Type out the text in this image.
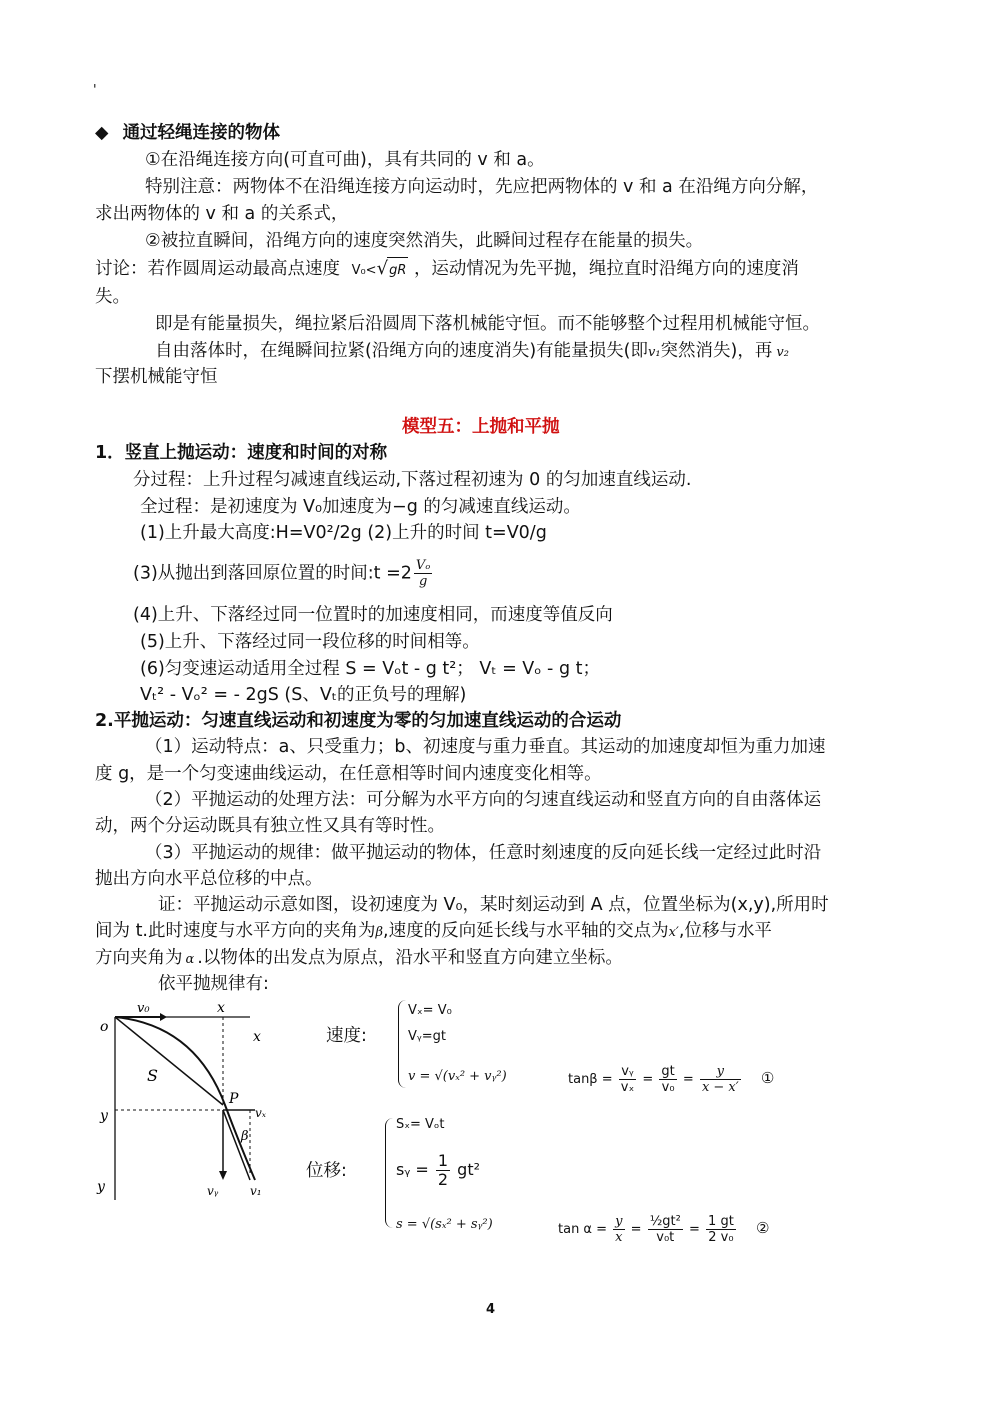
'
◆ 通过轻绳连接的物体
①在沿绳连接方向(可直可曲)，具有共同的 v 和 a。
特别注意：两物体不在沿绳连接方向运动时，先应把两物体的 v 和 a 在沿绳方向分解，
求出两物体的 v 和 a 的关系式，
②被拉直瞬间，沿绳方向的速度突然消失，此瞬间过程存在能量的损失。
讨论：若作圆周运动最高点速度 V₀<√gR ，运动情况为先平抛，绳拉直时沿绳方向的速度消
失。
即是有能量损失，绳拉紧后沿圆周下落机械能守恒。而不能够整个过程用机械能守恒。
自由落体时，在绳瞬间拉紧(沿绳方向的速度消失)有能量损失(即v₁突然消失)，再 v₂
下摆机械能守恒
模型五：上抛和平抛
1．竖直上抛运动：速度和时间的对称
分过程：上升过程匀减速直线运动,下落过程初速为 0 的匀加速直线运动.
全过程：是初速度为 V₀加速度为−g 的匀减速直线运动。
(1)上升最大高度:H=V0²/2g (2)上升的时间 t=V0/g
(3)从抛出到落回原位置的时间:t $=2 \frac{\text{Vₒ}}{g}$
(4)上升、下落经过同一位置时的加速度相同，而速度等值反向
(5)上升、下落经过同一段位移的时间相等。
(6)匀变速运动适用全过程 S = Vₒt - g t²； Vₜ = Vₒ - g t；
Vₜ² - Vₒ² = - 2gS (S、Vₜ的正负号的理解)
2.平抛运动：匀速直线运动和初速度为零的匀加速直线运动的合运动
（1）运动特点：a、只受重力；b、初速度与重力垂直。其运动的加速度却恒为重力加速
度 g，是一个匀变速曲线运动，在任意相等时间内速度变化相等。
（2）平抛运动的处理方法：可分解为水平方向的匀速直线运动和竖直方向的自由落体运
动，两个分运动既具有独立性又具有等时性。
（3）平抛运动的规律：做平抛运动的物体，任意时刻速度的反向延长线一定经过此时沿
抛出方向水平总位移的中点。
证：平抛运动示意如图，设初速度为 V₀，某时刻运动到 A 点，位置坐标为(x,y),所用时
间为 t.此时速度与水平方向的夹角为β,速度的反向延长线与水平轴的交点为x′,位移与水平
方向夹角为 α .以物体的出发点为原点，沿水平和竖直方向建立坐标。
依平抛规律有:
o
v₀	x
x
S
P
vₓ
y
β
vᵧ	v₁
y
速度:
Vₓ= V₀
Vᵧ=gt
v = √(vₓ² + vᵧ²)	$\tan\beta = \frac{\text{vᵧ}}{\text{vₓ}} = \frac{gt}{\text{v₀}} = \frac{y}{x - x'}$ ①
位移:
Sₓ= Vₒt
sᵧ = $\frac{1}{2} gt^2$
s = √(sₓ² + sᵧ²)	$\tan \alpha = \frac{y}{x} = \frac{\text{½gt²}}{\text{v₀t}} = \frac{1 gt}{\text{2 v₀}}$ ②
4
